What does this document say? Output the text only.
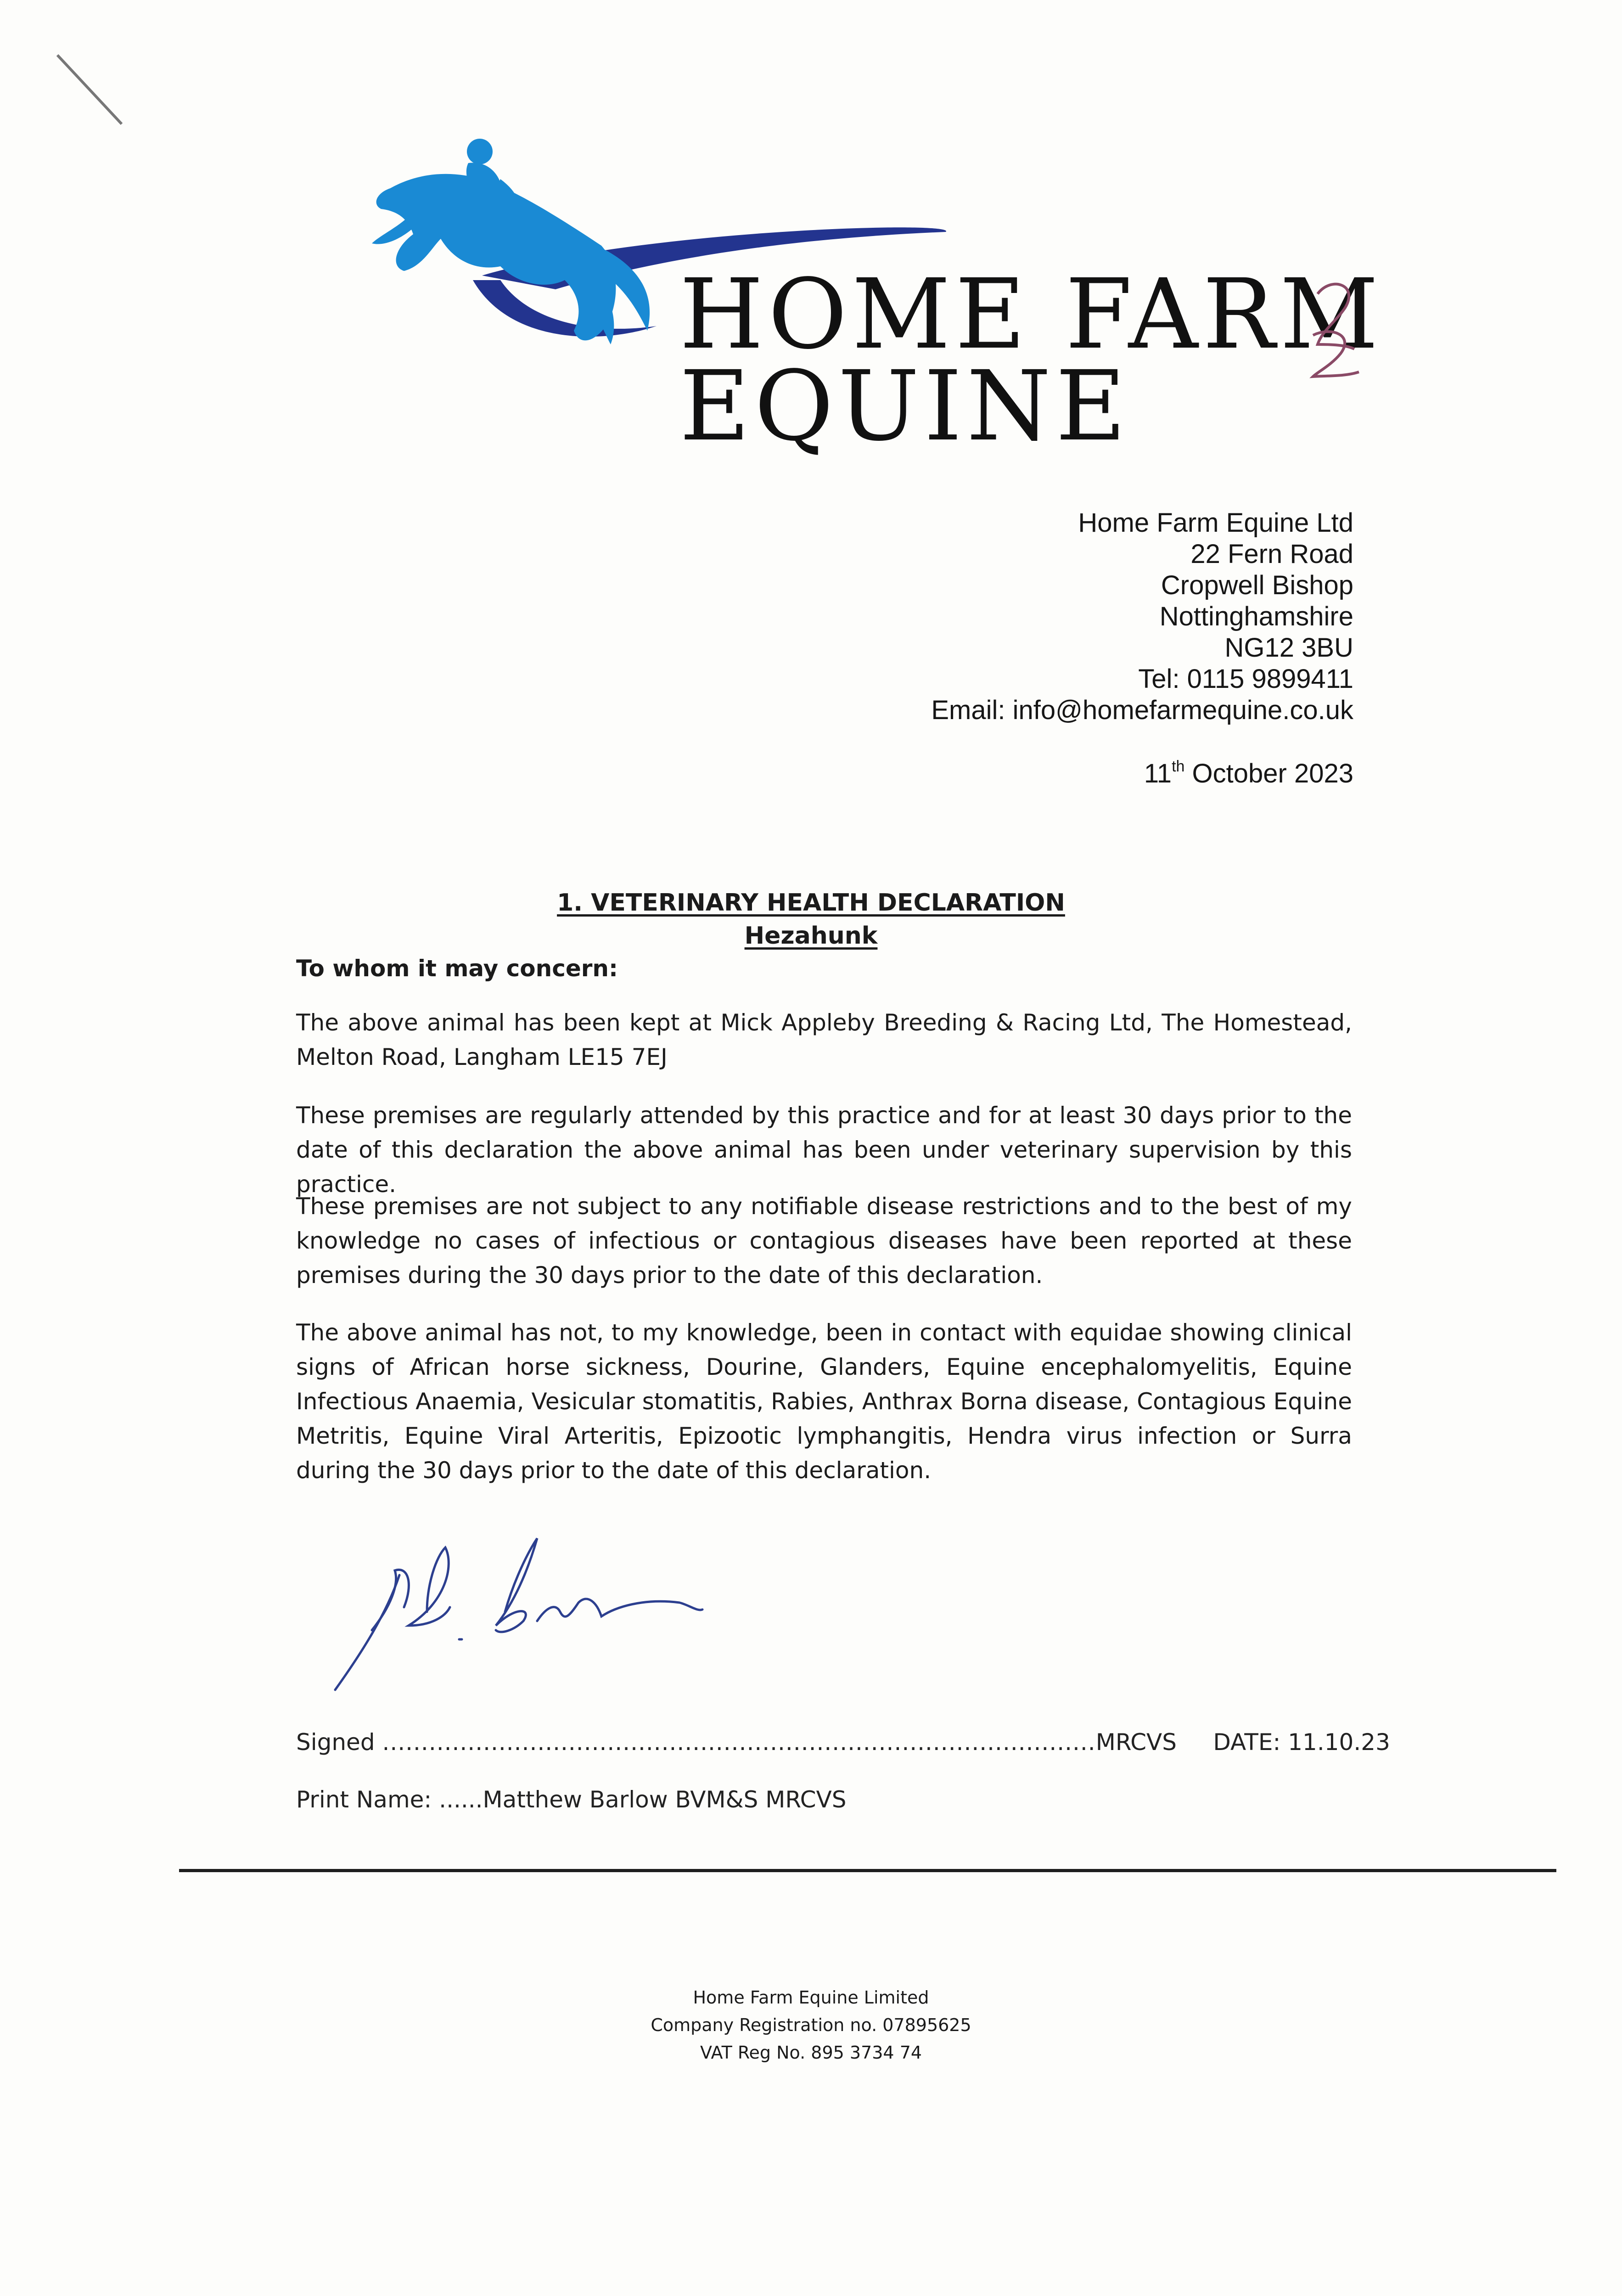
HOME FARM
EQUINE
Home Farm Equine Ltd
22 Fern Road
Cropwell Bishop
Nottinghamshire
NG12 3BU
Tel: 0115 9899411
Email: info@homefarmequine.co.uk
11th October 2023
1. VETERINARY HEALTH DECLARATION
Hezahunk
To whom it may concern:
The above animal has been kept at Mick Appleby Breeding & Racing Ltd, The Homestead, Melton Road, Langham LE15 7EJ
These premises are regularly attended by this practice and for at least 30 days prior to the date of this declaration the above animal has been under veterinary supervision by this practice.
These premises are not subject to any notifiable disease restrictions and to the best of my knowledge no cases of infectious or contagious diseases have been reported at these premises during the 30 days prior to the date of this declaration.
The above animal has not, to my knowledge, been in contact with equidae showing clinical signs of African horse sickness, Dourine, Glanders, Equine encephalomyelitis, Equine Infectious Anaemia, Vesicular stomatitis, Rabies, Anthrax Borna disease, Contagious Equine Metritis, Equine Viral Arteritis, Epizootic lymphangitis, Hendra virus infection or Surra during the 30 days prior to the date of this declaration.
Signed ............................................................................................MRCVS DATE: 11.10.23
Print Name: ......Matthew Barlow BVM&S MRCVS
Home Farm Equine Limited
Company Registration no. 07895625
VAT Reg No. 895 3734 74
